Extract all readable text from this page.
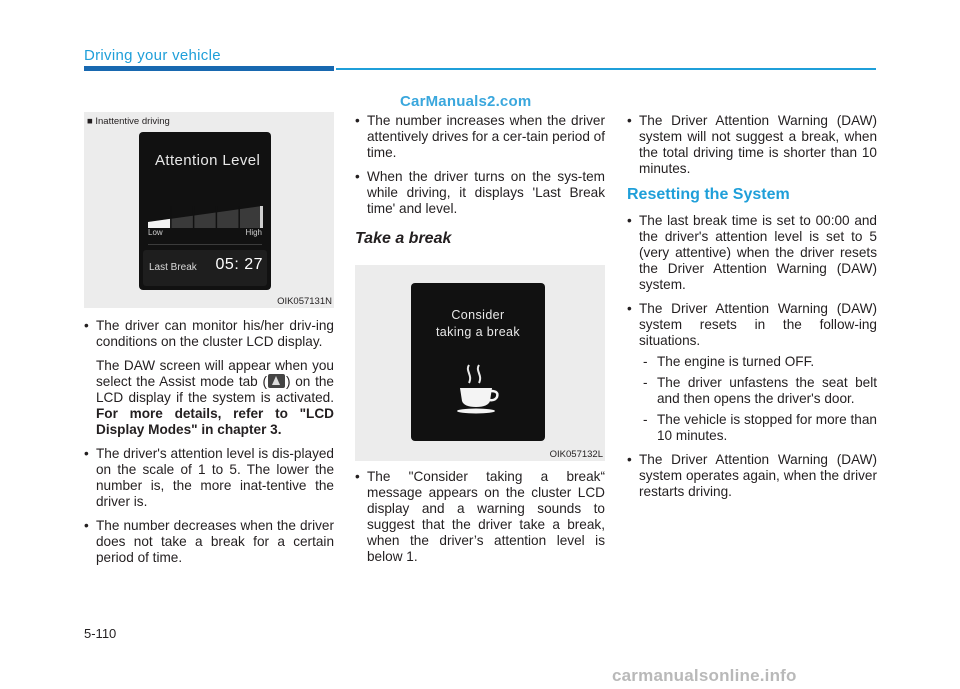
Driving your vehicle
CarManuals2.com
■ Inattentive driving
Attention Level
Low	High
Last Break 05: 27
OIK057131N
• The driver can monitor his/her driv-ing conditions on the cluster LCD display.
The DAW screen will appear when you select the Assist mode tab ( ) on the LCD display if the system is activated. For more details, refer to "LCD Display Modes" in chapter 3.
• The driver's attention level is dis-played on the scale of 1 to 5. The lower the number is, the more inat-tentive the driver is.
• The number decreases when the driver does not take a break for a certain period of time.
• The number increases when the driver attentively drives for a cer-tain period of time.
• When the driver turns on the sys-tem while driving, it displays 'Last Break time' and level.
Take a break
Consider
taking a break
OIK057132L
• The "Consider taking a break“ message appears on the cluster LCD display and a warning sounds to suggest that the driver take a break, when the driver’s attention level is below 1.
• The Driver Attention Warning (DAW) system will not suggest a break, when the total driving time is shorter than 10 minutes.
Resetting the System
• The last break time is set to 00:00 and the driver's attention level is set to 5 (very attentive) when the driver resets the Driver Attention Warning (DAW) system.
• The Driver Attention Warning (DAW) system resets in the follow-ing situations.
- The engine is turned OFF.
- The driver unfastens the seat belt and then opens the driver's door.
- The vehicle is stopped for more than 10 minutes.
• The Driver Attention Warning (DAW) system operates again, when the driver restarts driving.
5-110
carmanualsonline.info
